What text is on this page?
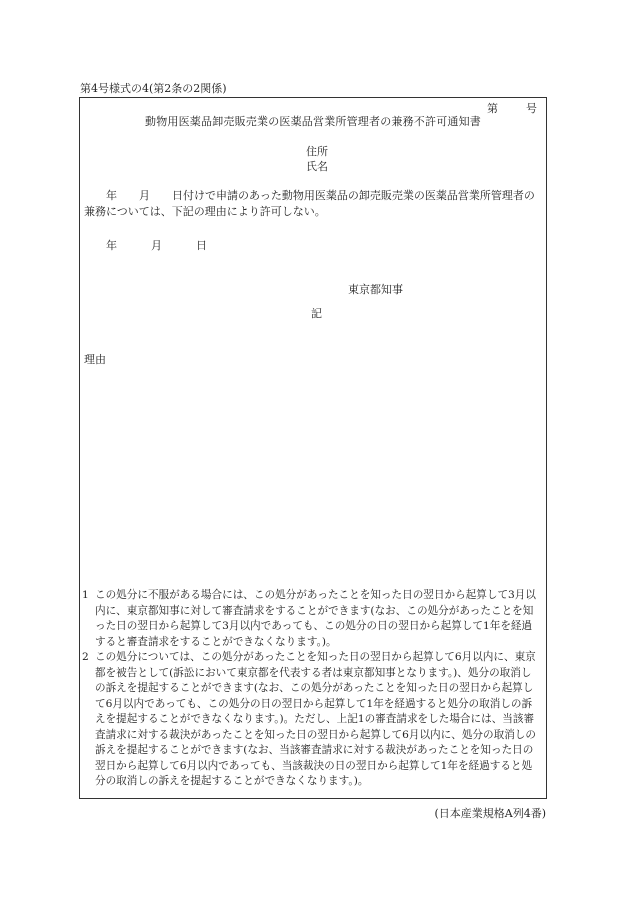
第4号様式の4(第2条の2関係)
第	号
動物用医薬品卸売販売業の医薬品営業所管理者の兼務不許可通知書
住所
氏名
年　　月　　日付けで申請のあった動物用医薬品の卸売販売業の医薬品営業所管理者の兼務については、下記の理由により許可しない。
年	月	日
東京都知事
記
理由
1 この処分に不服がある場合には、この処分があったことを知った日の翌日から起算して3月以内に、東京都知事に対して審査請求をすることができます(なお、この処分があったことを知った日の翌日から起算して3月以内であっても、この処分の日の翌日から起算して1年を経過すると審査請求をすることができなくなります。)。
2 この処分については、この処分があったことを知った日の翌日から起算して6月以内に、東京都を被告として(訴訟において東京都を代表する者は東京都知事となります。)、処分の取消しの訴えを提起することができます(なお、この処分があったことを知った日の翌日から起算して6月以内であっても、この処分の日の翌日から起算して1年を経過すると処分の取消しの訴えを提起することができなくなります。)。ただし、上記1の審査請求をした場合には、当該審査請求に対する裁決があったことを知った日の翌日から起算して6月以内に、処分の取消しの訴えを提起することができます(なお、当該審査請求に対する裁決があったことを知った日の翌日から起算して6月以内であっても、当該裁決の日の翌日から起算して1年を経過すると処分の取消しの訴えを提起することができなくなります。)。
(日本産業規格A列4番)
